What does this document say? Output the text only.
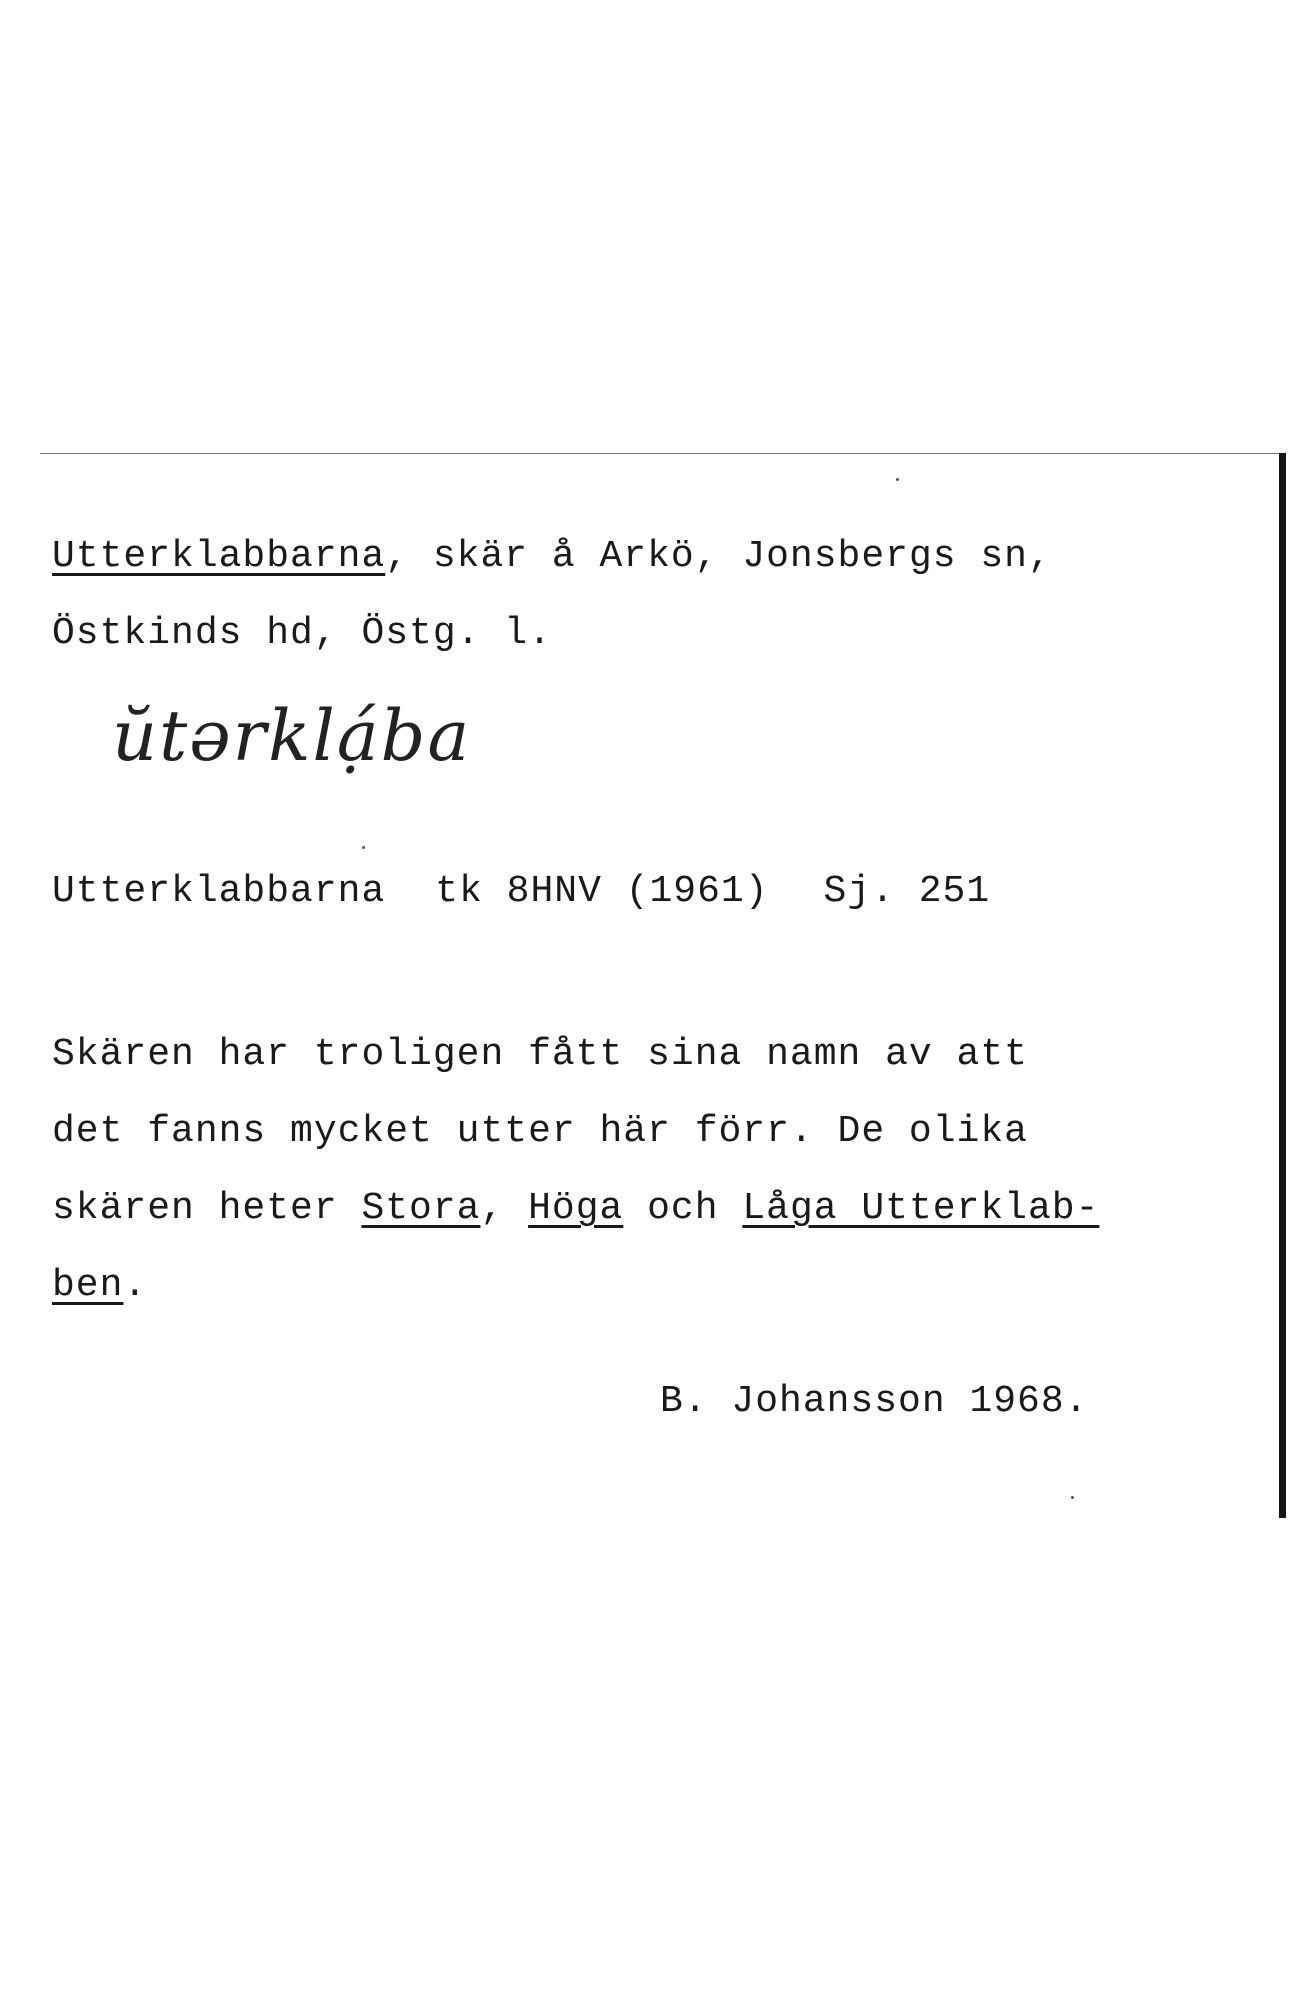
Utterklabbarna, skär å Arkö, Jonsbergs sn,
Östkinds hd, Östg. l.
ŭtərklạ́ba
Utterklabbarna tk 8HNV (1961) Sj. 251
Skären har troligen fått sina namn av att
det fanns mycket utter här förr. De olika
skären heter Stora, Höga och Låga Utterklab-
ben.
B. Johansson 1968.
